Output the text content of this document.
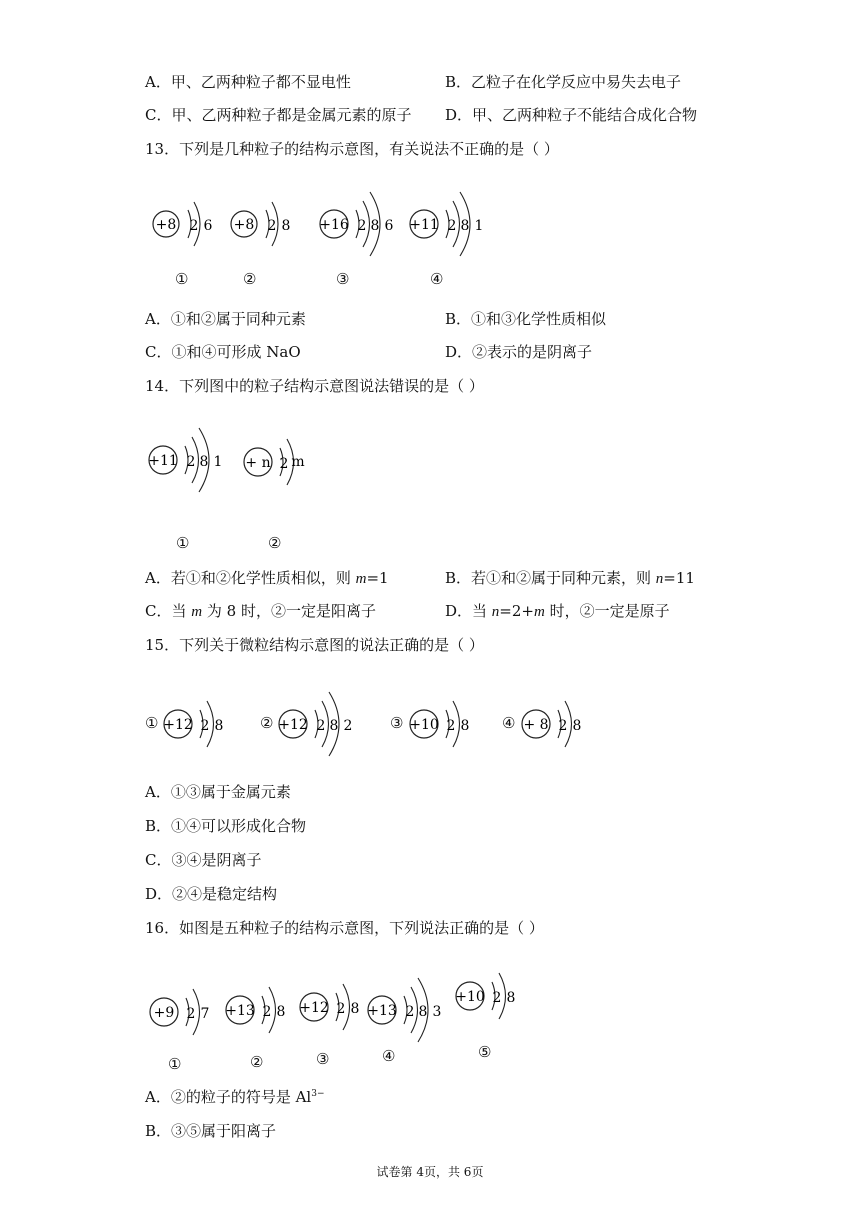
A．甲、乙两种粒子都不显电性	B．乙粒子在化学反应中易失去电子
C．甲、乙两种粒子都是金属元素的原子 D．甲、乙两种粒子不能结合成化合物
13．下列是几种粒子的结构示意图，有关说法不正确的是（ ）
+8 2 6
①
+8 2 8
②
+16 2 8 6
③
+11 2 8 1
④
A．①和②属于同种元素	B．①和③化学性质相似
C．①和④可形成 NaO	D．②表示的是阴离子
14．下列图中的粒子结构示意图说法错误的是（ ）
+11 2 8 1
①
+ n 2 m
②
A．若①和②化学性质相似，则 m=1	B．若①和②属于同种元素，则 n=11
C．当 m 为 8 时，②一定是阳离子	D．当 n=2+m 时，②一定是原子
15．下列关于微粒结构示意图的说法正确的是（ ）
① +12 2 8 ② +12 2 8 2	③ +10 2 8 ④ + 8 2 8
A．①③属于金属元素
B．①④可以形成化合物
C．③④是阴离子
D．②④是稳定结构
16．如图是五种粒子的结构示意图，下列说法正确的是（ ）
+9 2 7
①
+13 2 8
②
+12 2 8
③
+13 2 8 3
④
+10 2 8
⑤
A．②的粒子的符号是 $Al^{3-}$
B．③⑤属于阳离子
试卷第 4页，共 6页
